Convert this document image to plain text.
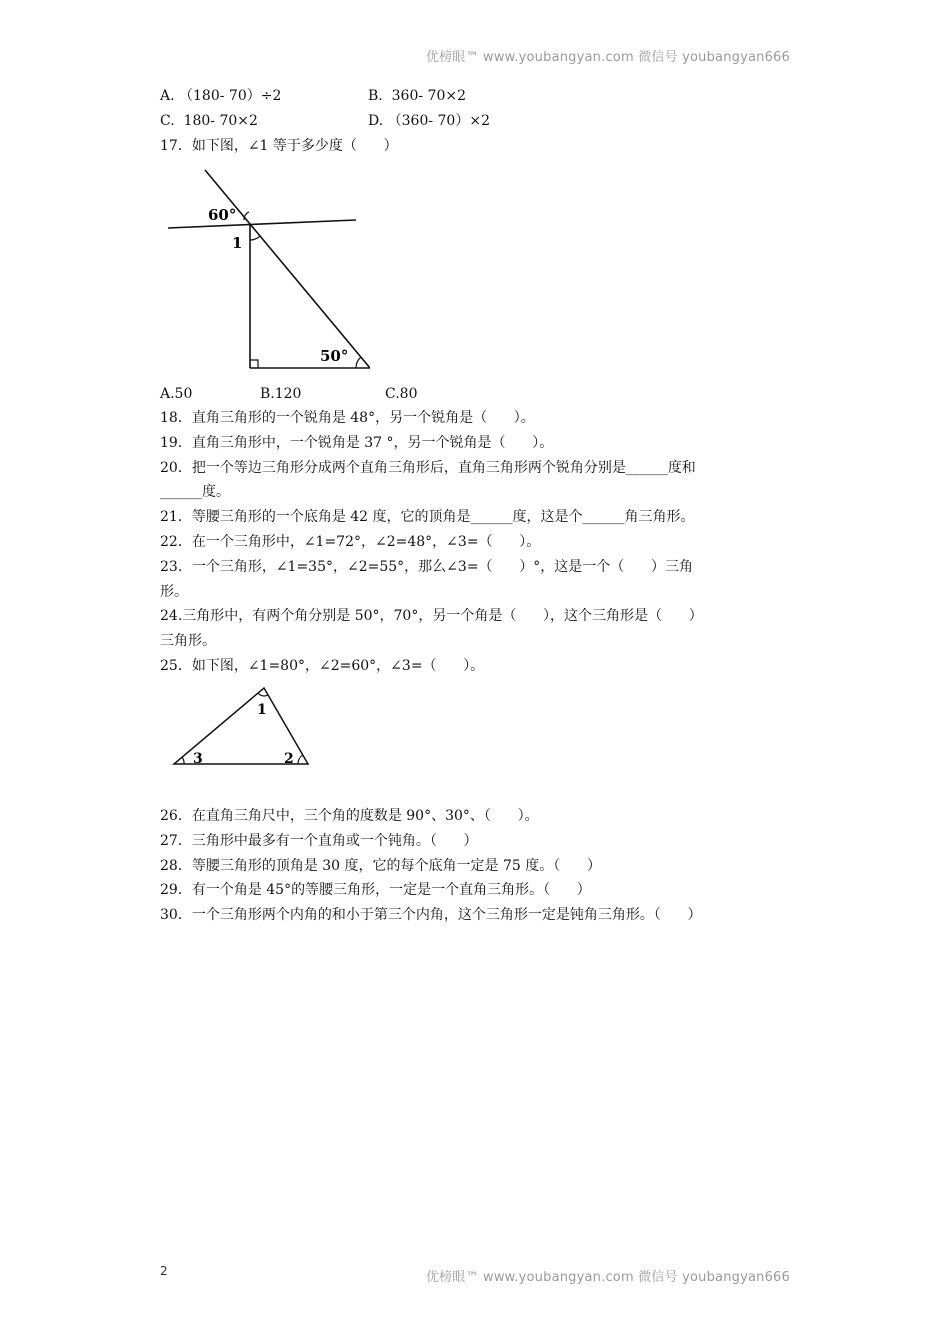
优榜眼™ www.youbangyan.com 微信号 youbangyan666

A. （180- 70）÷2

	B.  360- 70×2

C.  180- 70×2

	D. （360- 70）×2

17．如下图，∠1 等于多少度（      ）
60°
1
50°

A.50

	B.120

	C.80

18．直角三角形的一个锐角是 48°，另一个锐角是（      ）。
19．直角三角形中，一个锐角是 37 °，另一个锐角是（      ）。
20．把一个等边三角形分成两个直角三角形后，直角三角形两个锐角分别是______度和
______度。
21．等腰三角形的一个底角是 42 度，它的顶角是______度，这是个______角三角形。
22．在一个三角形中，∠1=72°，∠2=48°，∠3=（      ）。
23．一个三角形，∠1=35°，∠2=55°，那么∠3=（      ）°，这是一个（      ）三角
形。
24.三角形中，有两个角分别是 50°，70°，另一个角是（      ），这个三角形是（      ）
三角形。
25．如下图，∠1=80°，∠2=60°，∠3=（      ）。
1
2
3
26．在直角三角尺中，三个角的度数是 90°、30°、（      ）。
27．三角形中最多有一个直角或一个钝角。（      ）
28．等腰三角形的顶角是 30 度，它的每个底角一定是 75 度。（      ）
29．有一个角是 45°的等腰三角形，一定是一个直角三角形。（      ）
30．一个三角形两个内角的和小于第三个内角，这个三角形一定是钝角三角形。（      ）
2	优榜眼™ www.youbangyan.com 微信号 youbangyan666
